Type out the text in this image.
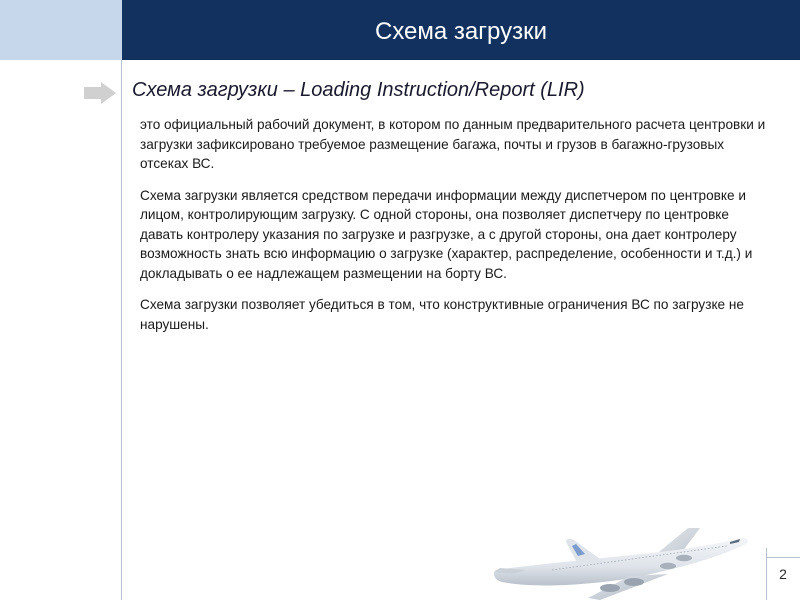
Схема загрузки
Схема загрузки – Loading Instruction/Report (LIR)

это официальный рабочий документ, в котором по данным предварительного расчета центровки и загрузки зафиксировано требуемое размещение багажа, почты и грузов в багажно-грузовых отсеках ВС.

Схема загрузки является средством передачи информации между диспетчером по центровке и лицом, контролирующим загрузку. С одной стороны, она позволяет диспетчеру по центровке давать контролеру указания по загрузке и разгрузке, а с другой стороны, она дает контролеру возможность знать всю информацию о загрузке (характер, распределение, особенности и т.д.) и докладывать о ее надлежащем размещении на борту ВС.

Схема загрузки позволяет убедиться в том, что конструктивные ограничения ВС по загрузке не нарушены.

2
